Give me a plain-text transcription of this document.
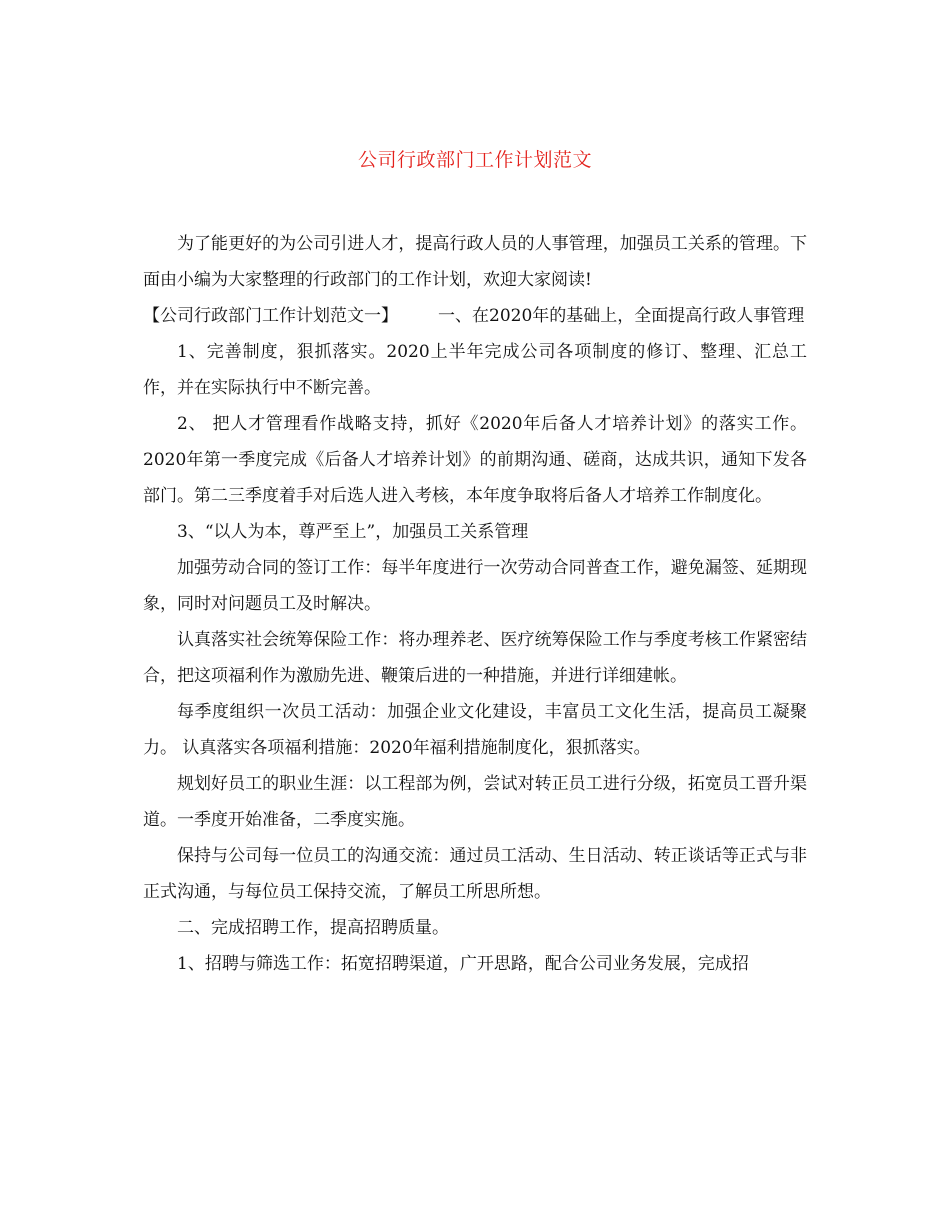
公司行政部门工作计划范文

为了能更好的为公司引进人才，提高行政人员的人事管理，加强员工关系的管理。下面由小编为大家整理的行政部门的工作计划，欢迎大家阅读!

【公司行政部门工作计划范文一】 一、在2020年的基础上，全面提高行政人事管理

1、完善制度，狠抓落实。2020上半年完成公司各项制度的修订、整理、汇总工作，并在实际执行中不断完善。

2、 把人才管理看作战略支持，抓好《2020年后备人才培养计划》的落实工作。2020年第一季度完成《后备人才培养计划》的前期沟通、磋商，达成共识，通知下发各部门。第二三季度着手对后选人进入考核，本年度争取将后备人才培养工作制度化。

3、“以人为本，尊严至上”，加强员工关系管理

加强劳动合同的签订工作：每半年度进行一次劳动合同普查工作，避免漏签、延期现象，同时对问题员工及时解决。

认真落实社会统筹保险工作：将办理养老、医疗统筹保险工作与季度考核工作紧密结合，把这项福利作为激励先进、鞭策后进的一种措施，并进行详细建帐。

每季度组织一次员工活动：加强企业文化建设，丰富员工文化生活，提高员工凝聚力。 认真落实各项福利措施：2020年福利措施制度化，狠抓落实。

规划好员工的职业生涯：以工程部为例，尝试对转正员工进行分级，拓宽员工晋升渠道。一季度开始准备，二季度实施。

保持与公司每一位员工的沟通交流：通过员工活动、生日活动、转正谈话等正式与非正式沟通，与每位员工保持交流，了解员工所思所想。

二、完成招聘工作，提高招聘质量。

1、招聘与筛选工作：拓宽招聘渠道，广开思路，配合公司业务发展，完成招
